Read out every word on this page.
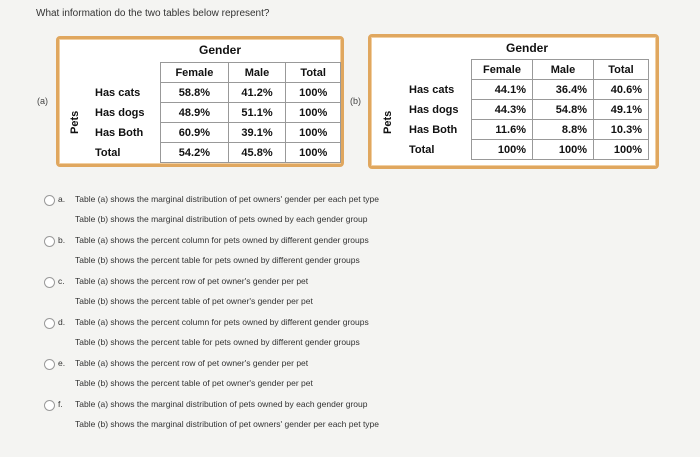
What information do the two tables below represent?
(a)
Gender
Pets
	Female	Male	Total
Has cats	58.8%	41.2%	100%
Has dogs	48.9%	51.1%	100%
Has Both	60.9%	39.1%	100%
Total	54.2%	45.8%	100%
(b)
Gender
Pets
	Female	Male	Total
Has cats	44.1%	36.4%	40.6%
Has dogs	44.3%	54.8%	49.1%
Has Both	11.6%	8.8%	10.3%
Total	100%	100%	100%
a. Table (a) shows the marginal distribution of pet owners' gender per each pet type
Table (b) shows the marginal distribution of pets owned by each gender group
b. Table (a) shows the percent column for pets owned by different gender groups
Table (b) shows the percent table for pets owned by different gender groups
c. Table (a) shows the percent row of pet owner's gender per pet
Table (b) shows the percent table of pet owner's gender per pet
d. Table (a) shows the percent column for pets owned by different gender groups
Table (b) shows the percent table for pets owned by different gender groups
e. Table (a) shows the percent row of pet owner's gender per pet
Table (b) shows the percent table of pet owner's gender per pet
f. Table (a) shows the marginal distribution of pets owned by each gender group
Table (b) shows the marginal distribution of pet owners' gender per each pet type
